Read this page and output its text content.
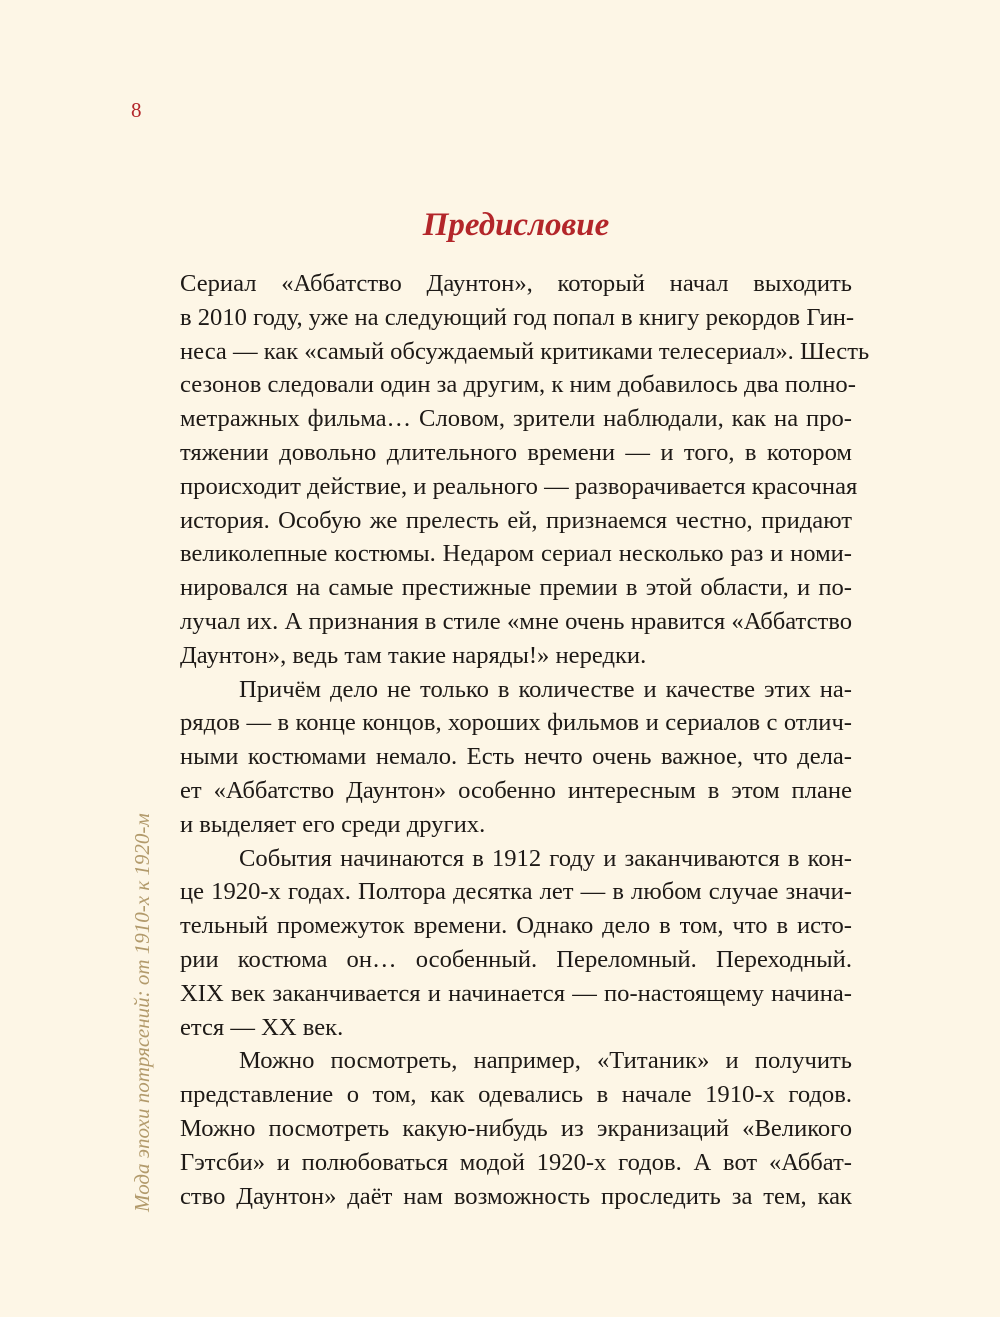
8
Мода эпохи потрясений: от 1910-х к 1920-м
Предисловие
Сериал «Аббатство Даунтон», который начал выходить
в 2010 году, уже на следующий год попал в книгу рекордов Гин-
неса — как «самый обсуждаемый критиками телесериал». Шесть
сезонов следовали один за другим, к ним добавилось два полно-
метражных фильма… Словом, зрители наблюдали, как на про-
тяжении довольно длительного времени — и того, в котором
происходит действие, и реального — разворачивается красочная
история. Особую же прелесть ей, признаемся честно, придают
великолепные костюмы. Недаром сериал несколько раз и номи-
нировался на самые престижные премии в этой области, и по-
лучал их. А признания в стиле «мне очень нравится «Аббатство
Даунтон», ведь там такие наряды!» нередки.
Причём дело не только в количестве и качестве этих на-
рядов — в конце концов, хороших фильмов и сериалов с отлич-
ными костюмами немало. Есть нечто очень важное, что дела-
ет «Аббатство Даунтон» особенно интересным в этом плане
и выделяет его среди других.
События начинаются в 1912 году и заканчиваются в кон-
це 1920-х годах. Полтора десятка лет — в любом случае значи-
тельный промежуток времени. Однако дело в том, что в исто-
рии костюма он… особенный. Переломный. Переходный.
XIX век заканчивается и начинается — по-настоящему начина-
ется — XX век.
Можно посмотреть, например, «Титаник» и получить
представление о том, как одевались в начале 1910-х годов.
Можно посмотреть какую-нибудь из экранизаций «Великого
Гэтсби» и полюбоваться модой 1920-х годов. А вот «Аббат-
ство Даунтон» даёт нам возможность проследить за тем, как
